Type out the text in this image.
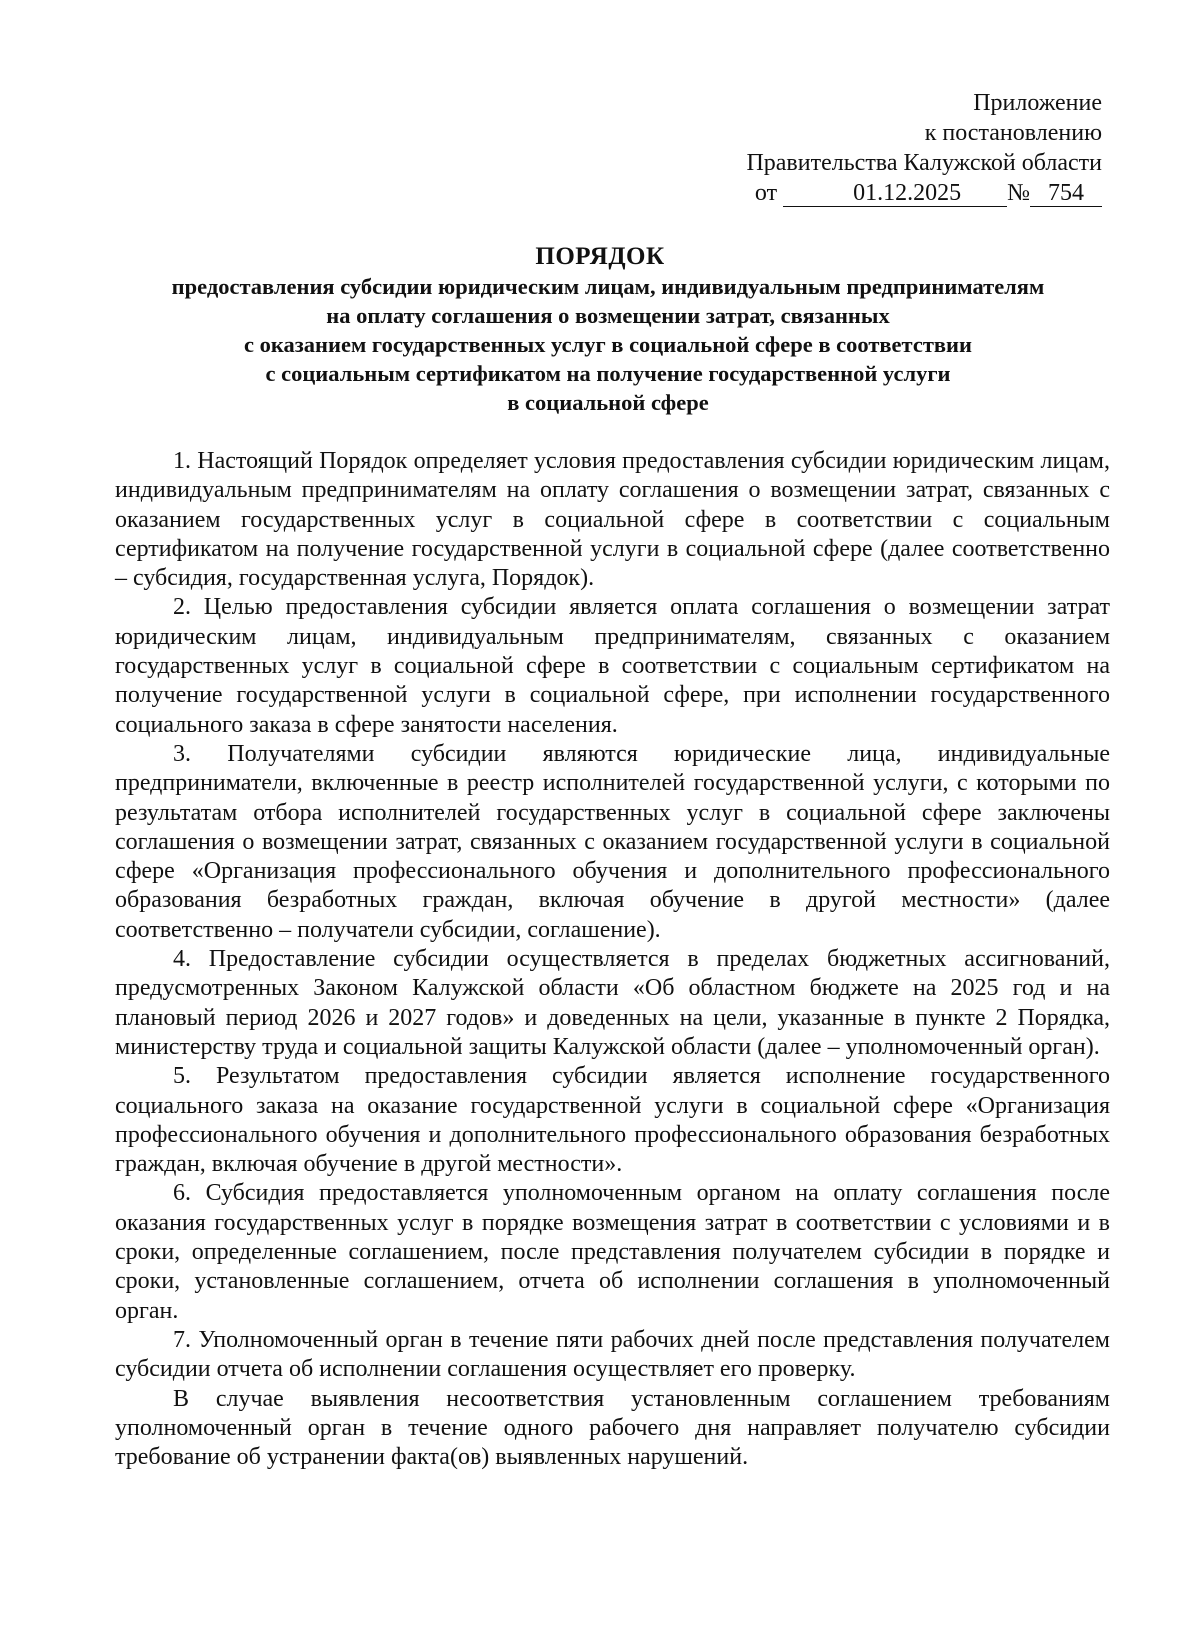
Приложение
к постановлению
Правительства Калужской области
от	01.12.2025 № 754
ПОРЯДОК
предоставления субсидии юридическим лицам, индивидуальным предпринимателям
на оплату соглашения о возмещении затрат, связанных
с оказанием государственных услуг в социальной сфере в соответствии
с социальным сертификатом на получение государственной услуги
в социальной сфере

1. Настоящий Порядок определяет условия предоставления субсидии юридическим лицам, индивидуальным предпринимателям на оплату соглашения о возмещении затрат, связанных с оказанием государственных услуг в социальной сфере в соответствии с социальным сертификатом на получение государственной услуги в социальной сфере (далее соответственно – субсидия, государственная услуга, Порядок).

2. Целью предоставления субсидии является оплата соглашения о возмещении затрат юридическим лицам, индивидуальным предпринимателям, связанных с оказанием государственных услуг в социальной сфере в соответствии с социальным сертификатом на получение государственной услуги в социальной сфере, при исполнении государственного социального заказа в сфере занятости населения.

3. Получателями субсидии являются юридические лица, индивидуальные предприниматели, включенные в реестр исполнителей государственной услуги, с которыми по результатам отбора исполнителей государственных услуг в социальной сфере заключены соглашения о возмещении затрат, связанных с оказанием государственной услуги в социальной сфере «Организация профессионального обучения и дополнительного профессионального образования безработных граждан, включая обучение в другой местности» (далее соответственно – получатели субсидии, соглашение).

4. Предоставление субсидии осуществляется в пределах бюджетных ассигнований, предусмотренных Законом Калужской области «Об областном бюджете на 2025 год и на плановый период 2026 и 2027 годов» и доведенных на цели, указанные в пункте 2 Порядка, министерству труда и социальной защиты Калужской области (далее – уполномоченный орган).

5. Результатом предоставления субсидии является исполнение государственного социального заказа на оказание государственной услуги в социальной сфере «Организация профессионального обучения и дополнительного профессионального образования безработных граждан, включая обучение в другой местности».

6. Субсидия предоставляется уполномоченным органом на оплату соглашения после оказания государственных услуг в порядке возмещения затрат в соответствии с условиями и в сроки, определенные соглашением, после представления получателем субсидии в порядке и сроки, установленные соглашением, отчета об исполнении соглашения в уполномоченный орган.

7. Уполномоченный орган в течение пяти рабочих дней после представления получателем субсидии отчета об исполнении соглашения осуществляет его проверку.

В случае выявления несоответствия установленным соглашением требованиям уполномоченный орган в течение одного рабочего дня направляет получателю субсидии требование об устранении факта(ов) выявленных нарушений.
